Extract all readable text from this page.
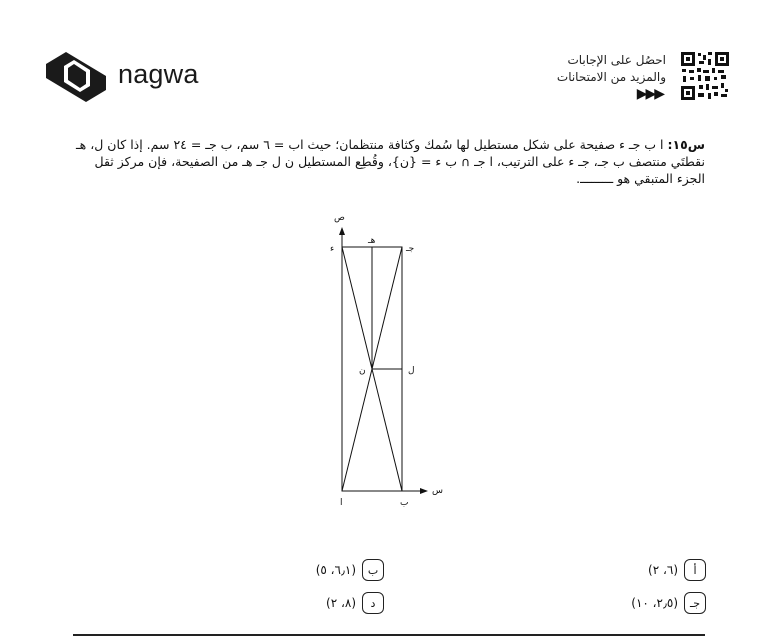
nagwa	احصُل على الإجابات
والمزيد من الامتحانات
▶▶▶
س١٥: ا ب جـ ء صفيحة على شكل مستطيل لها سُمك وكثافة منتظمان؛ حيث اب = ٦ سم، ب جـ = ٢٤ سم. إذا كان ل، هـ نقطتَي منتصف ب جـ، جـ ء على الترتيب، ا جـ ∩ ب ء = {ن}، وقُطِع المستطيل ن ل جـ هـ من الصفيحة، فإن مركز ثقل الجزء المتبقي هو ـــــــــ.
ص
س
هـ
جـ
ء
ل
ن
ا	ب
أ
(٦، ٢)
ب
(٦٫١، ٥)
جـ
(٢٫٥، ١٠)
د
(٨، ٢)
